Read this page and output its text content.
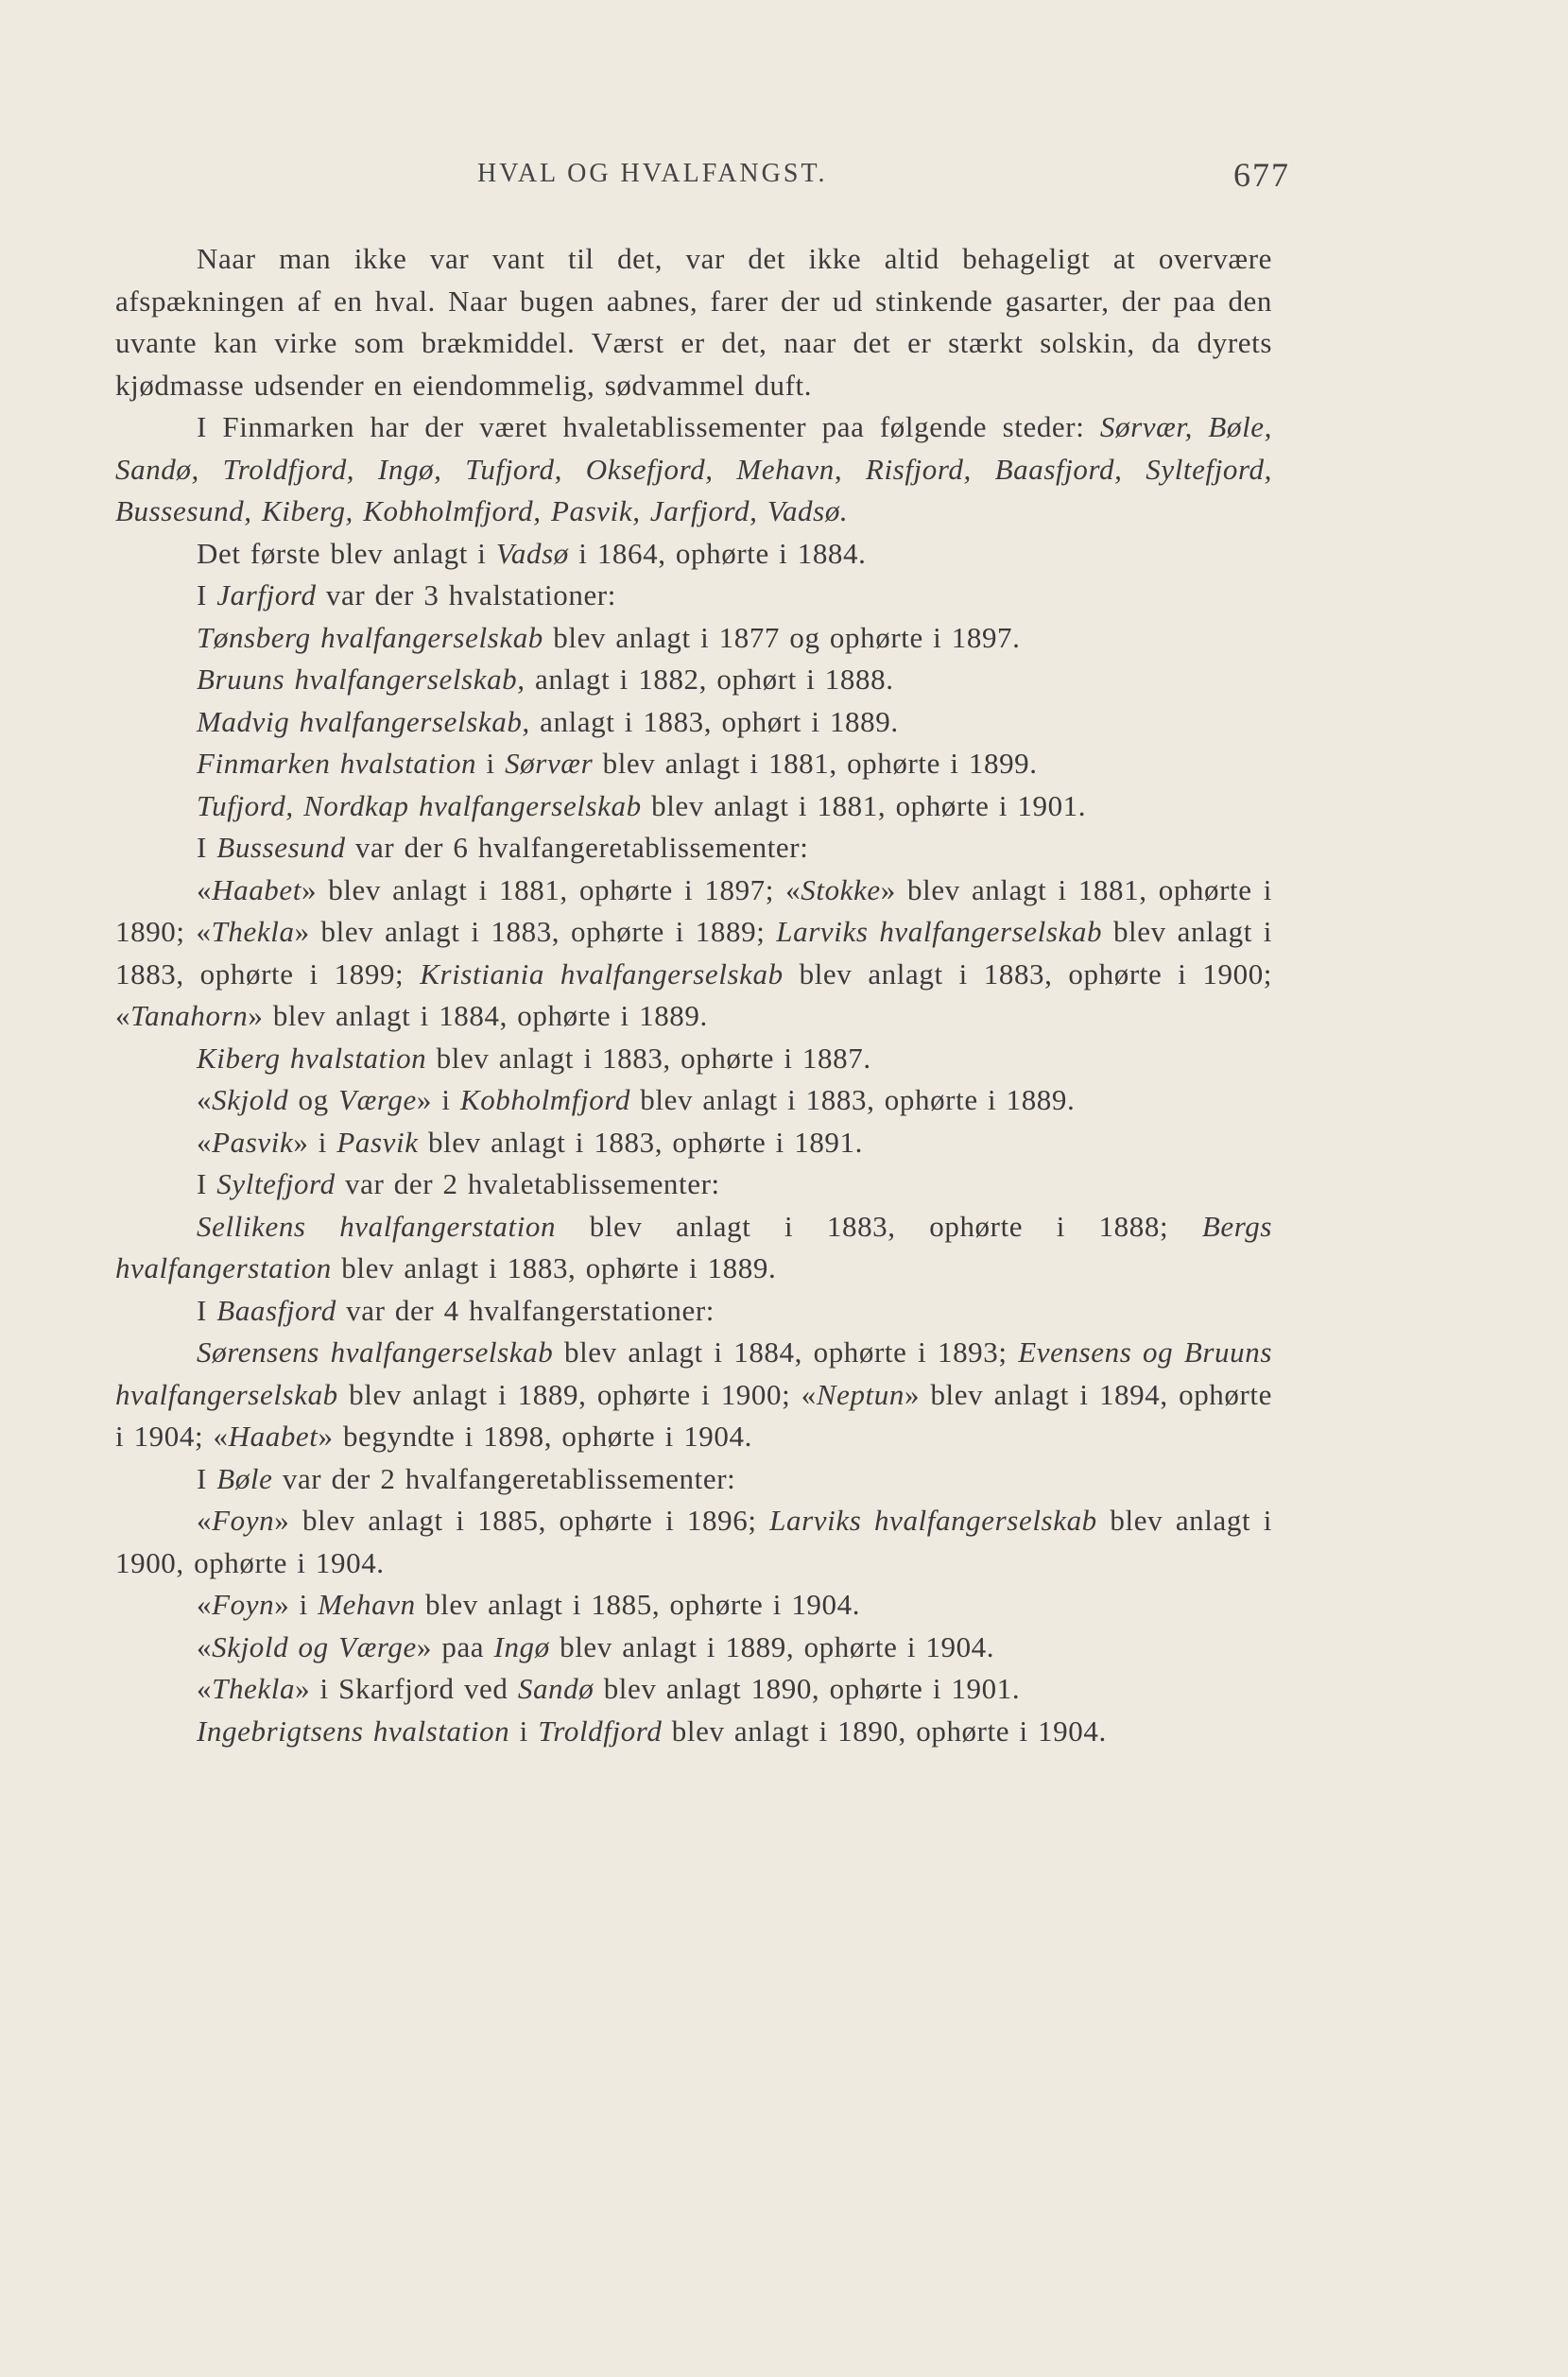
HVAL OG HVALFANGST.	677

Naar man ikke var vant til det, var det ikke altid behageligt at overvære afspækningen af en hval. Naar bugen aabnes, farer der ud stinkende gasarter, der paa den uvante kan virke som brækmiddel. Værst er det, naar det er stærkt solskin, da dyrets kjødmasse udsender en eiendommelig, sødvammel duft.

I Finmarken har der været hvaletablissementer paa følgende steder: Sørvær, Bøle, Sandø, Troldfjord, Ingø, Tufjord, Oksefjord, Mehavn, Risfjord, Baasfjord, Syltefjord, Bussesund, Kiberg, Kobholmfjord, Pasvik, Jarfjord, Vadsø.

Det første blev anlagt i Vadsø i 1864, ophørte i 1884.

I Jarfjord var der 3 hvalstationer:

Tønsberg hvalfangerselskab blev anlagt i 1877 og ophørte i 1897.

Bruuns hvalfangerselskab, anlagt i 1882, ophørt i 1888.

Madvig hvalfangerselskab, anlagt i 1883, ophørt i 1889.

Finmarken hvalstation i Sørvær blev anlagt i 1881, ophørte i 1899.

Tufjord, Nordkap hvalfangerselskab blev anlagt i 1881, ophørte i 1901.

I Bussesund var der 6 hvalfangeretablissementer:

«Haabet» blev anlagt i 1881, ophørte i 1897; «Stokke» blev anlagt i 1881, ophørte i 1890; «Thekla» blev anlagt i 1883, ophørte i 1889; Larviks hvalfangerselskab blev anlagt i 1883, ophørte i 1899; Kristiania hvalfangerselskab blev anlagt i 1883, ophørte i 1900; «Tanahorn» blev anlagt i 1884, ophørte i 1889.

Kiberg hvalstation blev anlagt i 1883, ophørte i 1887.

«Skjold og Værge» i Kobholmfjord blev anlagt i 1883, ophørte i 1889.

«Pasvik» i Pasvik blev anlagt i 1883, ophørte i 1891.

I Syltefjord var der 2 hvaletablissementer:

Sellikens hvalfangerstation blev anlagt i 1883, ophørte i 1888; Bergs hvalfangerstation blev anlagt i 1883, ophørte i 1889.

I Baasfjord var der 4 hvalfangerstationer:

Sørensens hvalfangerselskab blev anlagt i 1884, ophørte i 1893; Evensens og Bruuns hvalfangerselskab blev anlagt i 1889, ophørte i 1900; «Neptun» blev anlagt i 1894, ophørte i 1904; «Haabet» begyndte i 1898, ophørte i 1904.

I Bøle var der 2 hvalfangeretablissementer:

«Foyn» blev anlagt i 1885, ophørte i 1896; Larviks hvalfangerselskab blev anlagt i 1900, ophørte i 1904.

«Foyn» i Mehavn blev anlagt i 1885, ophørte i 1904.

«Skjold og Værge» paa Ingø blev anlagt i 1889, ophørte i 1904.

«Thekla» i Skarfjord ved Sandø blev anlagt 1890, ophørte i 1901.

Ingebrigtsens hvalstation i Troldfjord blev anlagt i 1890, ophørte i 1904.
